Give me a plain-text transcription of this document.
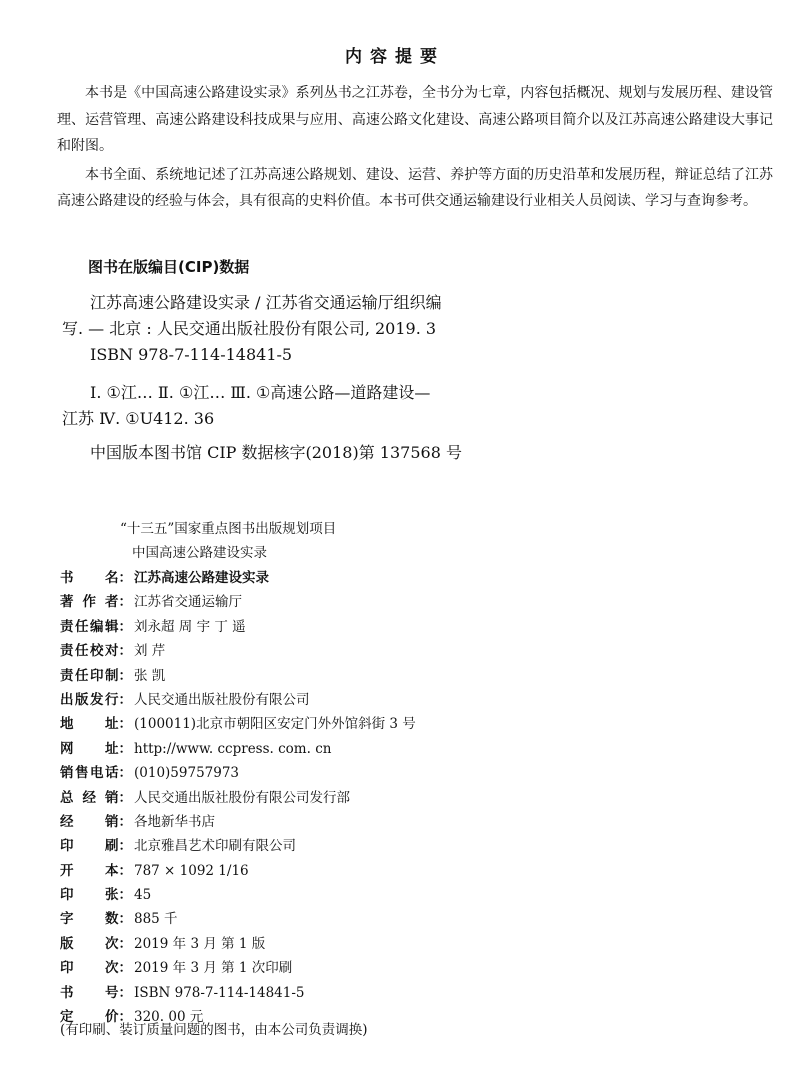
内容提要

本书是《中国高速公路建设实录》系列丛书之江苏卷，全书分为七章，内容包括概况、规划与发展历程、建设管理、运营管理、高速公路建设科技成果与应用、高速公路文化建设、高速公路项目简介以及江苏高速公路建设大事记和附图。

本书全面、系统地记述了江苏高速公路规划、建设、运营、养护等方面的历史沿革和发展历程，辩证总结了江苏高速公路建设的经验与体会，具有很高的史料价值。本书可供交通运输建设行业相关人员阅读、学习与查询参考。

图书在版编目(CIP)数据
江苏高速公路建设实录 / 江苏省交通运输厅组织编
写. — 北京 : 人民交通出版社股份有限公司, 2019. 3
ISBN 978-7-114-14841-5
Ⅰ. ①江… Ⅱ. ①江… Ⅲ. ①高速公路—道路建设—
江苏 Ⅳ. ①U412. 36
中国版本图书馆 CIP 数据核字(2018)第 137568 号
“十三五”国家重点图书出版规划项目
中国高速公路建设实录
书名 ： 江苏高速公路建设实录
著作者 ： 江苏省交通运输厅
责任编辑 ： 刘永超 周 宇 丁 遥
责任校对 ： 刘 芹
责任印制 ： 张 凯
出版发行 ： 人民交通出版社股份有限公司
地址 ： (100011)北京市朝阳区安定门外外馆斜街 3 号
网址 ： http://www. ccpress. com. cn
销售电话 ： (010)59757973
总经销 ： 人民交通出版社股份有限公司发行部
经销 ： 各地新华书店
印刷 ： 北京雅昌艺术印刷有限公司
开本 ： 787 × 1092 1/16
印张 ： 45
字数 ： 885 千
版次 ： 2019 年 3 月 第 1 版
印次 ： 2019 年 3 月 第 1 次印刷
书号 ： ISBN 978-7-114-14841-5
定价 ： 320. 00 元
(有印刷、装订质量问题的图书，由本公司负责调换)
